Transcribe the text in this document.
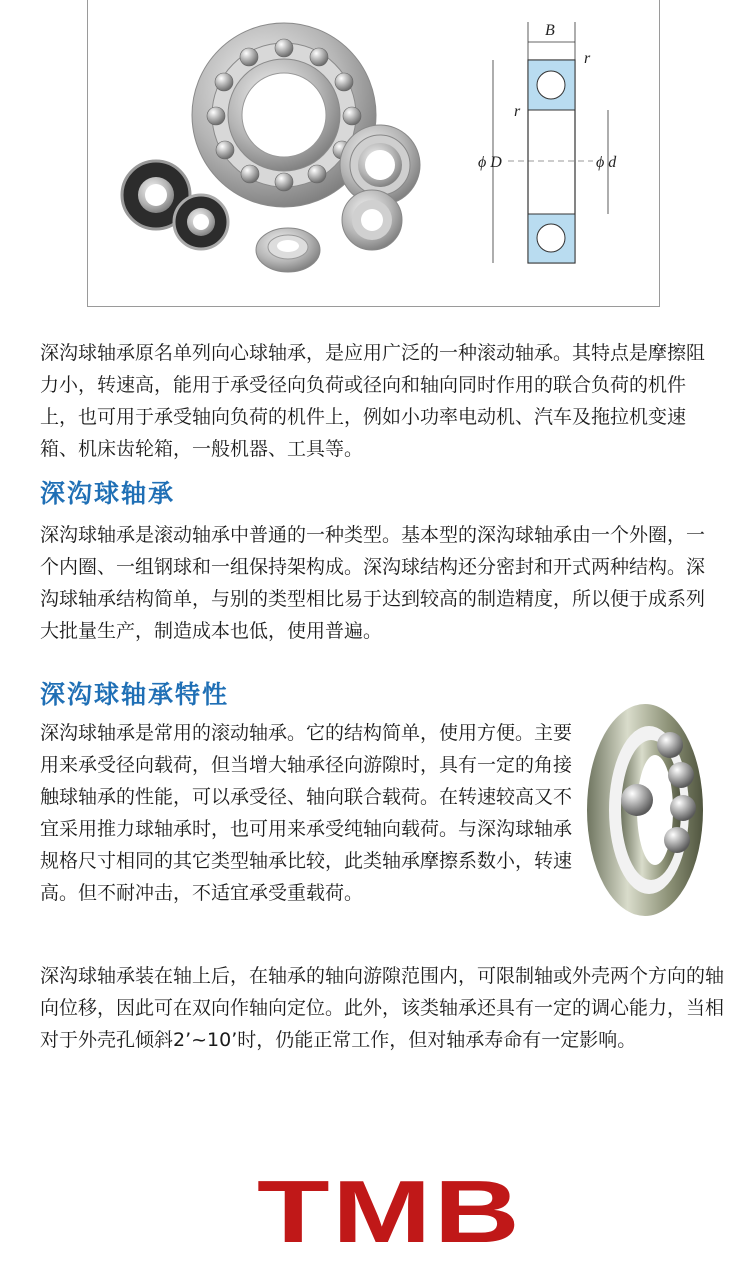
B
r
r
ϕ D	ϕ d

深沟球轴承原名单列向心球轴承，是应用广泛的一种滚动轴承。其特点是摩擦阻力小，转速高，能用于承受径向负荷或径向和轴向同时作用的联合负荷的机件上，也可用于承受轴向负荷的机件上，例如小功率电动机、汽车及拖拉机变速箱、机床齿轮箱，一般机器、工具等。

深沟球轴承

深沟球轴承是滚动轴承中普通的一种类型。基本型的深沟球轴承由一个外圈，一个内圈、一组钢球和一组保持架构成。深沟球结构还分密封和开式两种结构。深沟球轴承结构简单，与别的类型相比易于达到较高的制造精度，所以便于成系列大批量生产，制造成本也低，使用普遍。

深沟球轴承特性

深沟球轴承是常用的滚动轴承。它的结构简单，使用方便。主要用来承受径向载荷，但当增大轴承径向游隙时，具有一定的角接触球轴承的性能，可以承受径、轴向联合载荷。在转速较高又不宜采用推力球轴承时，也可用来承受纯轴向载荷。与深沟球轴承规格尺寸相同的其它类型轴承比较，此类轴承摩擦系数小，转速高。但不耐冲击，不适宜承受重载荷。

深沟球轴承装在轴上后，在轴承的轴向游隙范围内，可限制轴或外壳两个方向的轴向位移，因此可在双向作轴向定位。此外，该类轴承还具有一定的调心能力，当相对于外壳孔倾斜2’~10’时，仍能正常工作，但对轴承寿命有一定影响。

TMB
